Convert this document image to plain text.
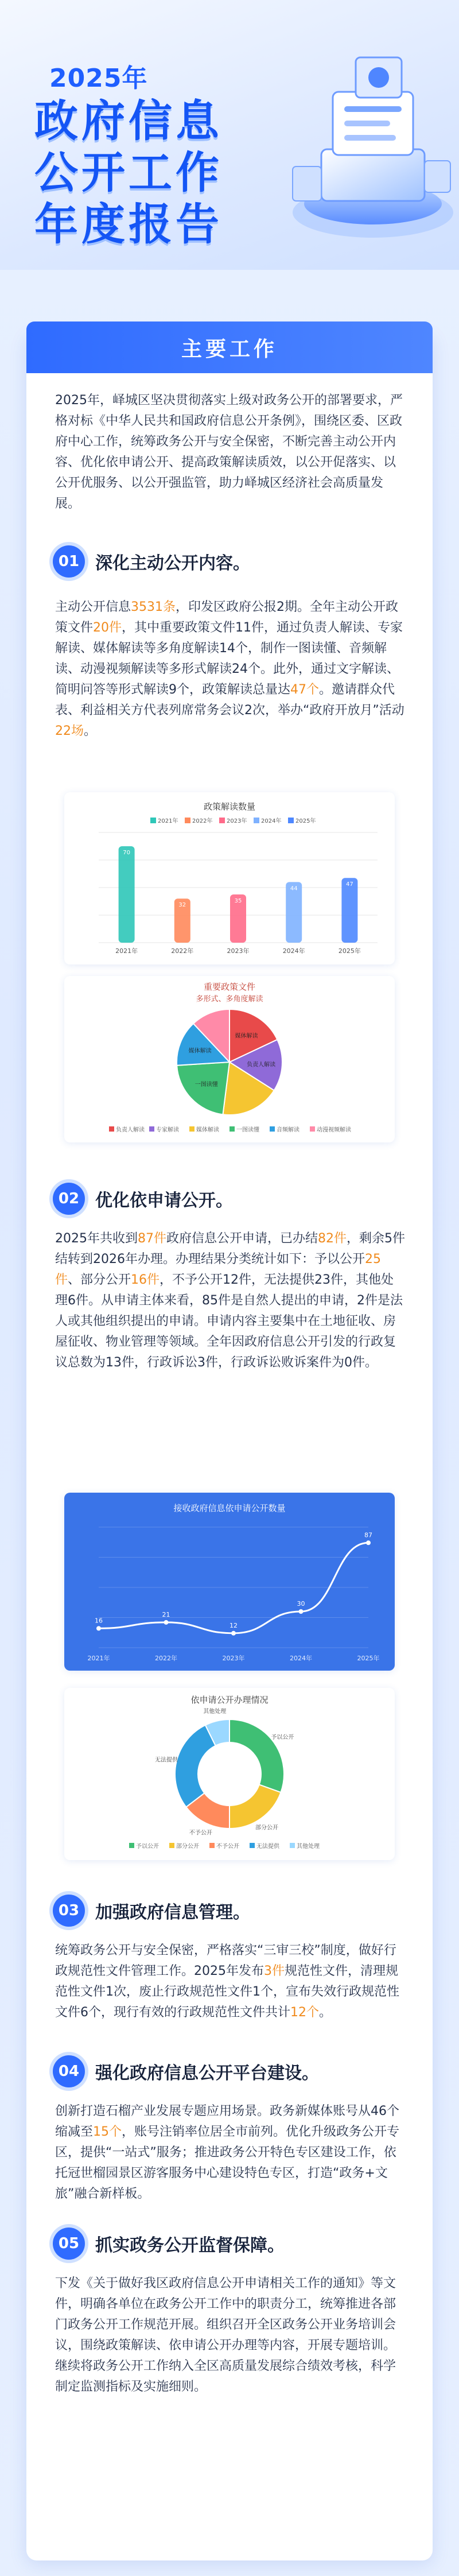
2025年
政府信息
公开工作
年度报告
主要工作
2025年，峄城区坚决贯彻落实上级对政务公开的部署要求，严格对标《中华人民共和国政府信息公开条例》，围绕区委、区政府中心工作，统筹政务公开与安全保密，不断完善主动公开内容、优化依申请公开、提高政策解读质效，以公开促落实、以公开优服务、以公开强监管，助力峄城区经济社会高质量发展。
01 深化主动公开内容。
主动公开信息3531条，印发区政府公报2期。全年主动公开政策文件20件，其中重要政策文件11件，通过负责人解读、专家解读、媒体解读等多角度解读14个，制作一图读懂、音频解读、动漫视频解读等多形式解读24个。此外，通过文字解读、简明问答等形式解读9个，政策解读总量达47个。邀请群众代表、利益相关方代表列席常务会议2次，举办“政府开放月”活动22场。
政策解读数量
2021年 2022年 2023年 2024年 2025年
70
2021年
32
2022年
35
2023年
44
2024年
47
2025年
重要政策文件
多形式、多角度解读
媒体解读
负责人解读
一图读懂
媒体解读
负责人解读 专家解读	媒体解读	一图读懂	音频解读	动漫视频解读
02 优化依申请公开。
2025年共收到87件政府信息公开申请，已办结82件，剩余5件结转到2026年办理。办理结果分类统计如下：予以公开25件、部分公开16件，不予公开12件，无法提供23件，其他处理6件。从申请主体来看，85件是自然人提出的申请，2件是法人或其他组织提出的申请。申请内容主要集中在土地征收、房屋征收、物业管理等领域。全年因政府信息公开引发的行政复议总数为13件，行政诉讼3件，行政诉讼败诉案件为0件。
接收政府信息依申请公开数量
16
2021年
21
2022年
12
2023年
30
2024年
87
2025年
依申请公开办理情况
予以公开
部分公开
不予公开
无法提供
其他处理
予以公开	部分公开	不予公开	无法提供	其他处理
03 加强政府信息管理。
统筹政务公开与安全保密，严格落实“三审三校”制度，做好行政规范性文件管理工作。2025年发布3件规范性文件，清理规范性文件1次，废止行政规范性文件1个，宣布失效行政规范性文件6个，现行有效的行政规范性文件共计12个。
04 强化政府信息公开平台建设。
创新打造石榴产业发展专题应用场景。政务新媒体账号从46个缩减至15个，账号注销率位居全市前列。优化升级政务公开专区，提供“一站式”服务；推进政务公开特色专区建设工作，依托冠世榴园景区游客服务中心建设特色专区，打造“政务+文旅”融合新样板。
05 抓实政务公开监督保障。
下发《关于做好我区政府信息公开申请相关工作的通知》等文件，明确各单位在政务公开工作中的职责分工，统筹推进各部门政务公开工作规范开展。组织召开全区政务公开业务培训会议，围绕政策解读、依申请公开办理等内容，开展专题培训。继续将政务公开工作纳入全区高质量发展综合绩效考核，科学制定监测指标及实施细则。
